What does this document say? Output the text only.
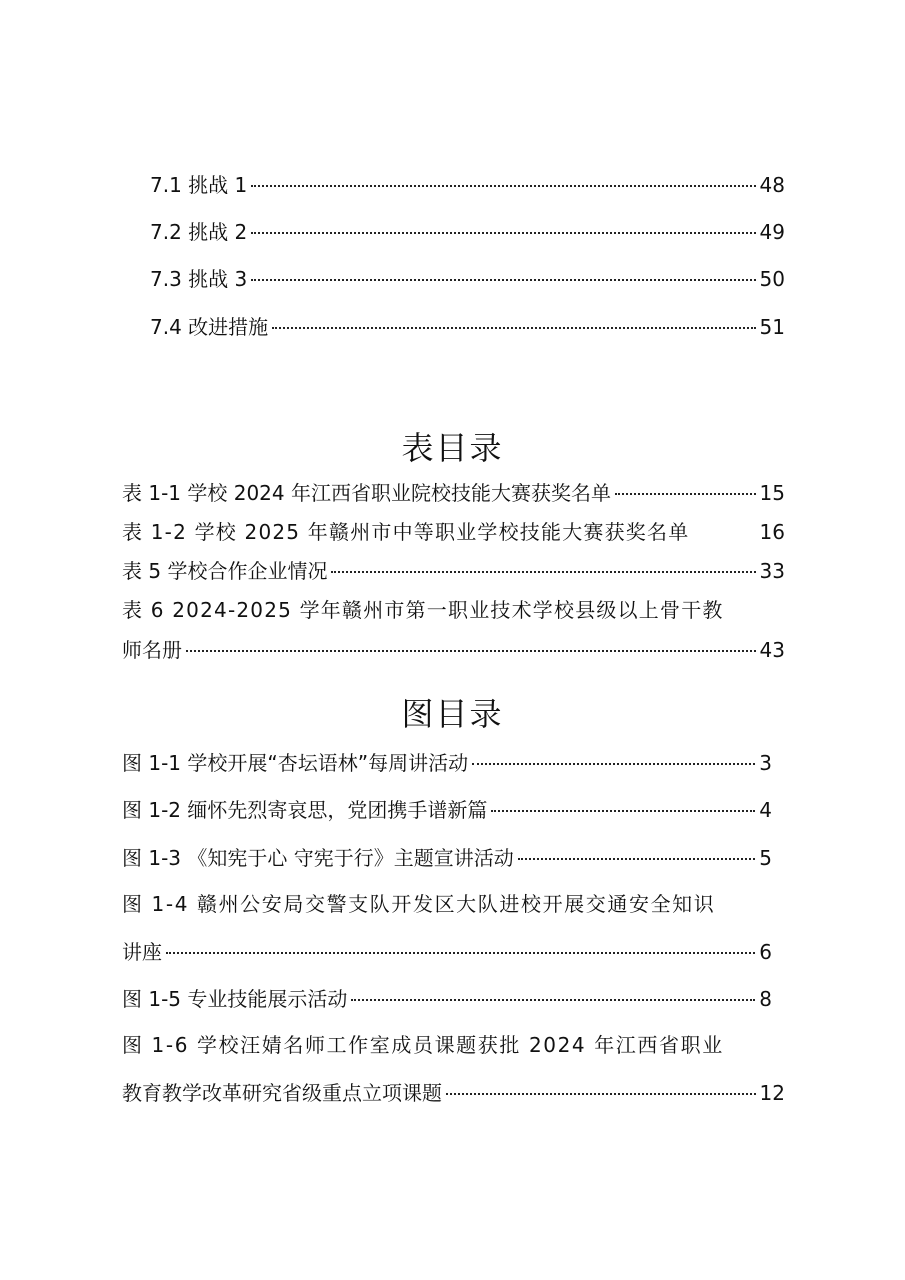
7.1 挑战 1	48
7.2 挑战 2	49
7.3 挑战 3	50
7.4 改进措施	51
表目录
表 1-1 学校 2024 年江西省职业院校技能大赛获奖名单	15
表 1-2 学校 2025 年赣州市中等职业学校技能大赛获奖名单	16
表 5 学校合作企业情况	33
表 6 2024-2025 学年赣州市第一职业技术学校县级以上骨干教
师名册	43
图目录
图 1-1 学校开展“杏坛语林”每周讲活动	3
图 1-2 缅怀先烈寄哀思，党团携手谱新篇	4
图 1-3 《知宪于心 守宪于行》主题宣讲活动	5
图 1-4 赣州公安局交警支队开发区大队进校开展交通安全知识
讲座	6
图 1-5 专业技能展示活动	8
图 1-6 学校汪婧名师工作室成员课题获批 2024 年江西省职业
教育教学改革研究省级重点立项课题	12
